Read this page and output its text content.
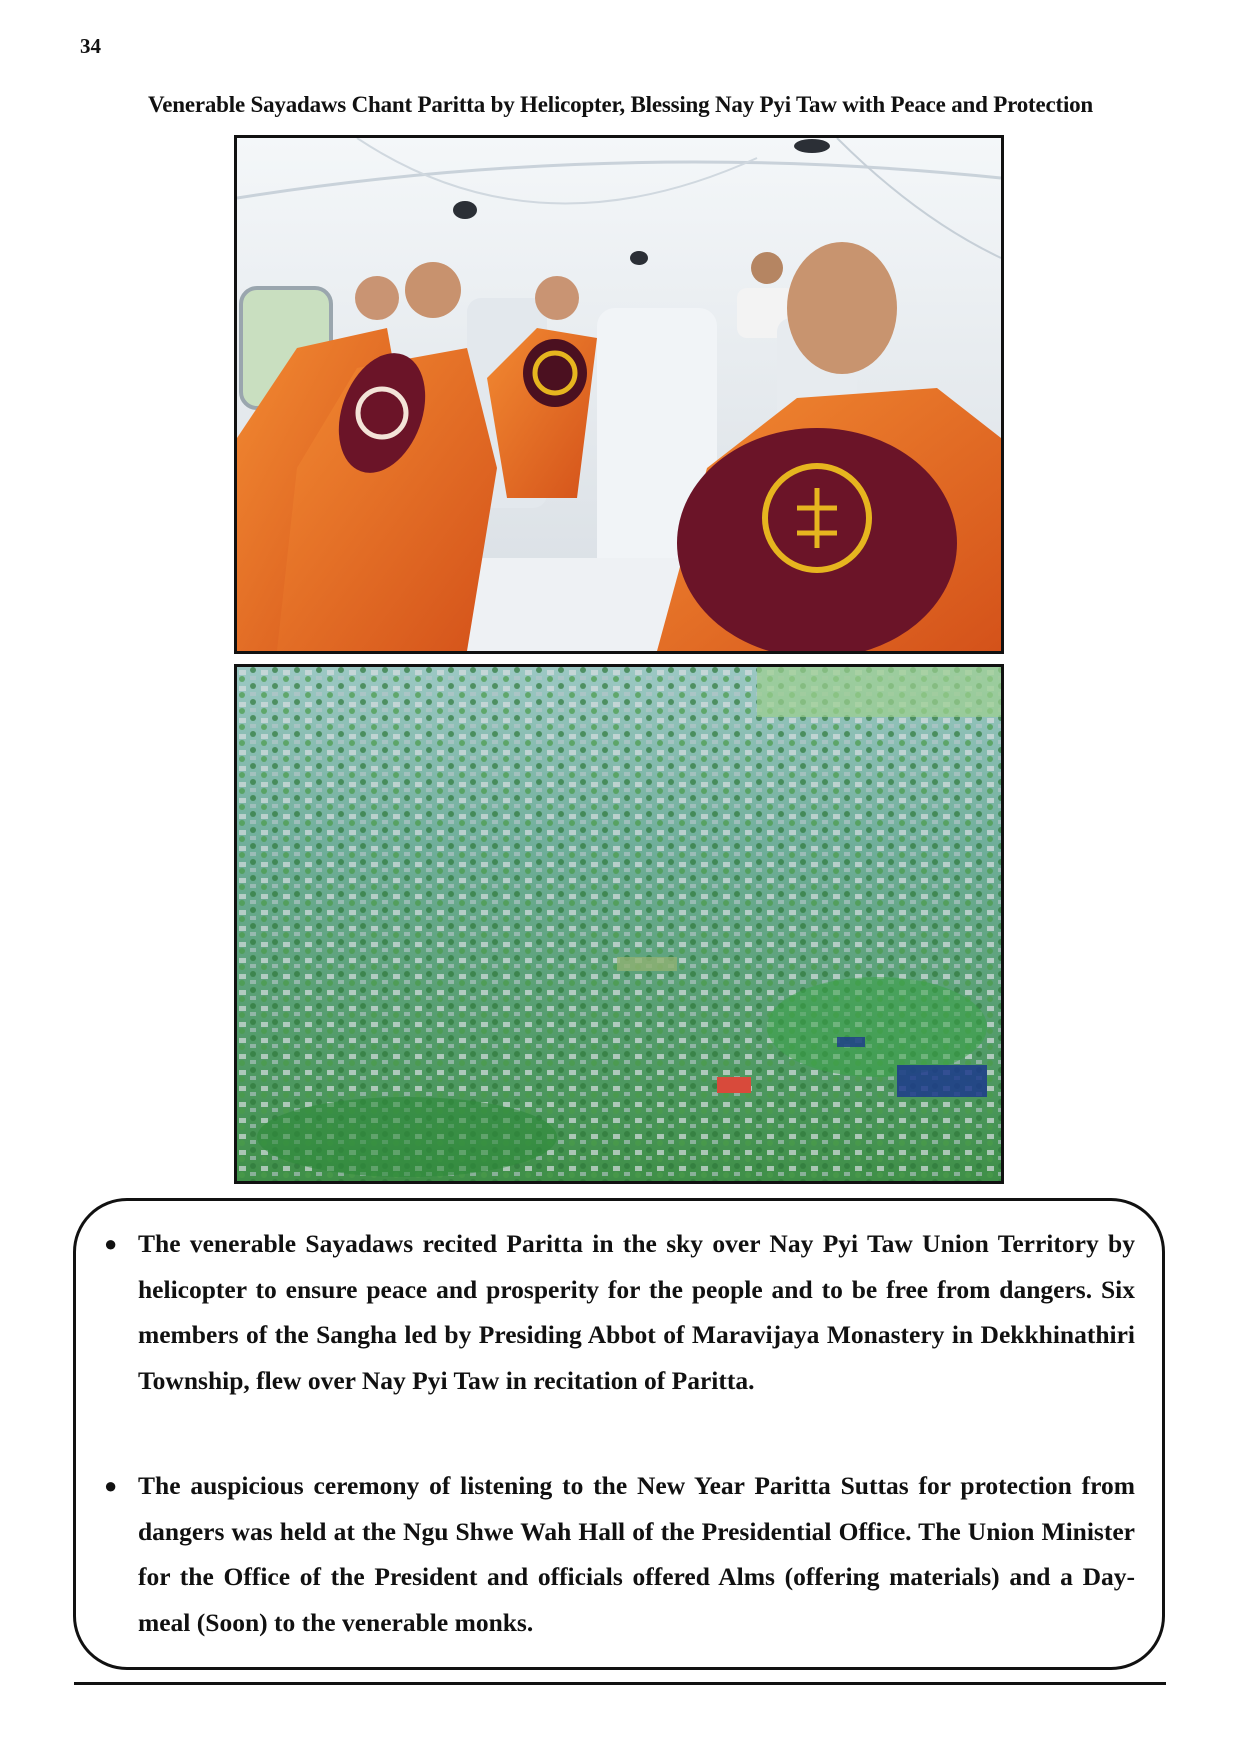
34
Venerable Sayadaws Chant Paritta by Helicopter, Blessing Nay Pyi Taw with Peace and Protection
● The venerable Sayadaws recited Paritta in the sky over Nay Pyi Taw Union Territory by helicopter to ensure peace and prosperity for the people and to be free from dangers. Six members of the Sangha led by Presiding Abbot of Maravijaya Monastery in Dekkhinathiri Township, flew over Nay Pyi Taw in recitation of Paritta.
● The auspicious ceremony of listening to the New Year Paritta Suttas for protection from dangers was held at the Ngu Shwe Wah Hall of the Presidential Office. The Union Minister for the Office of the President and officials offered Alms (offering materials) and a Day-meal (Soon) to the venerable monks.
